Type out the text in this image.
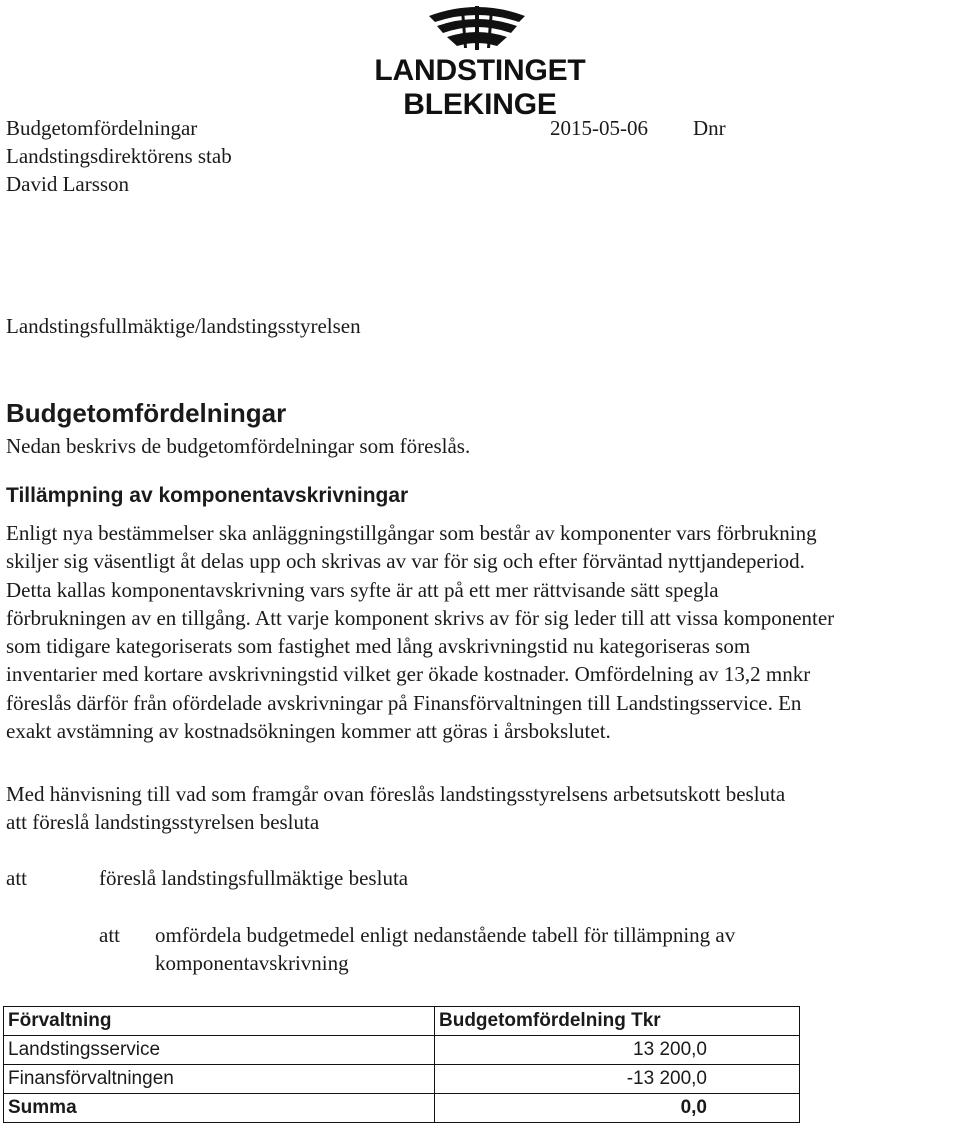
LANDSTINGET BLEKINGE
Budgetomfördelningar	2015-05-06 Dnr
Landstingsdirektörens stab
David Larsson
Landstingsfullmäktige/landstingsstyrelsen
Budgetomfördelningar
Nedan beskrivs de budgetomfördelningar som föreslås.
Tillämpning av komponentavskrivningar
Enligt nya bestämmelser ska anläggningstillgångar som består av komponenter vars förbrukning
skiljer sig väsentligt åt delas upp och skrivas av var för sig och efter förväntad nyttjandeperiod.
Detta kallas komponentavskrivning vars syfte är att på ett mer rättvisande sätt spegla
förbrukningen av en tillgång. Att varje komponent skrivs av för sig leder till att vissa komponenter
som tidigare kategoriserats som fastighet med lång avskrivningstid nu kategoriseras som
inventarier med kortare avskrivningstid vilket ger ökade kostnader. Omfördelning av 13,2 mnkr
föreslås därför från ofördelade avskrivningar på Finansförvaltningen till Landstingsservice. En
exakt avstämning av kostnadsökningen kommer att göras i årsbokslutet.
Med hänvisning till vad som framgår ovan föreslås landstingsstyrelsens arbetsutskott besluta
att föreslå landstingsstyrelsen besluta
att	föreslå landstingsfullmäktige besluta
att omfördela budgetmedel enligt nedanstående tabell för tillämpning av
komponentavskrivning
Förvaltning	Budgetomfördelning Tkr
Landstingsservice	13 200,0
Finansförvaltningen	-13 200,0
Summa	0,0
